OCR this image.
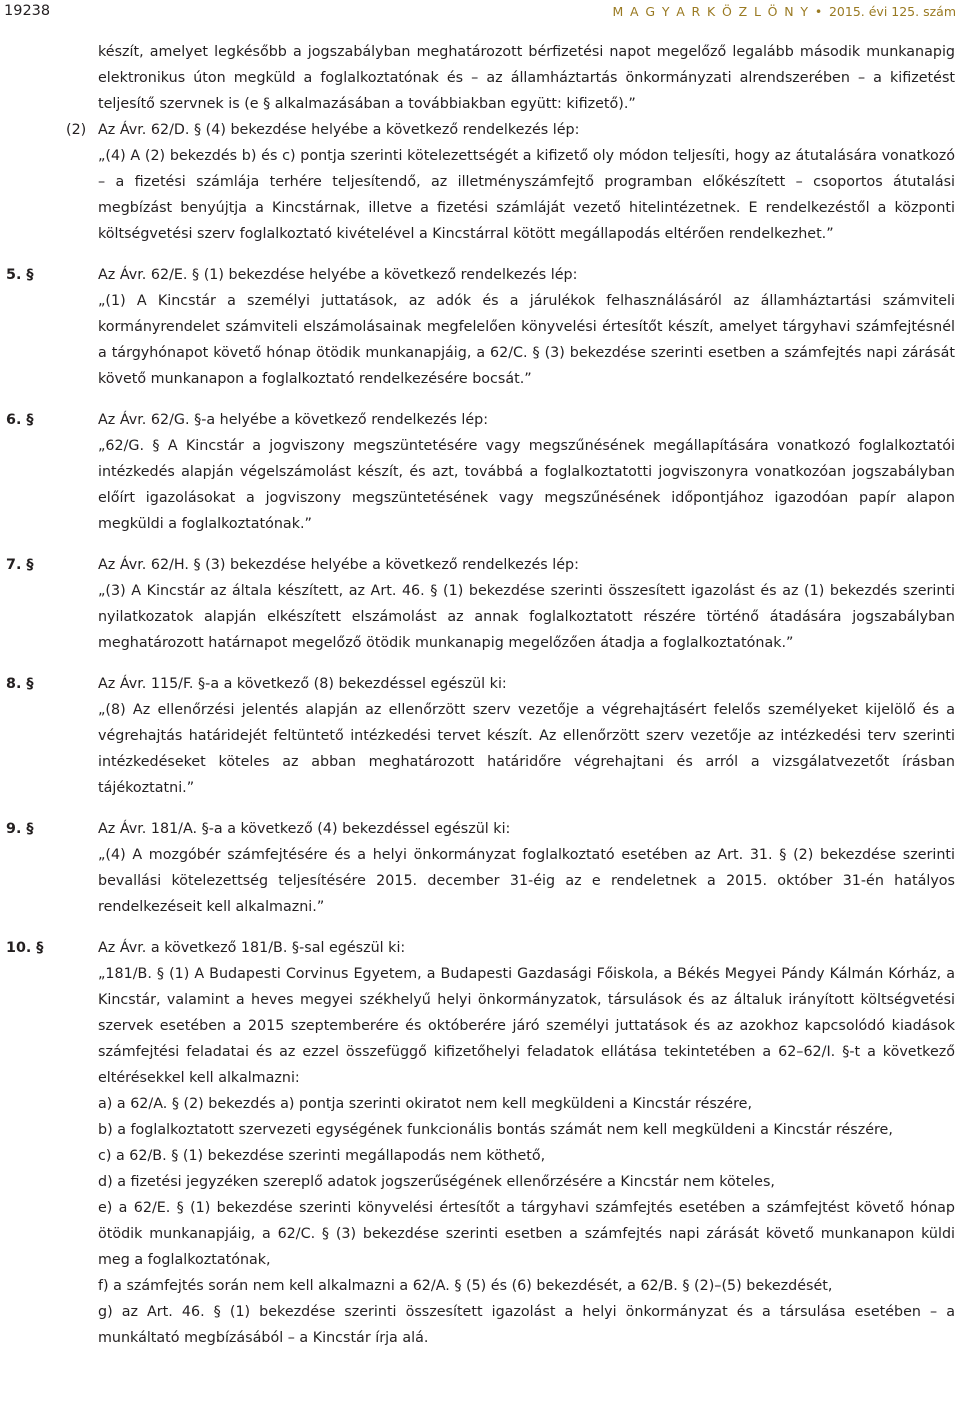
19238	M A G Y A R K Ö Z L Ö N Y • 2015. évi 125. szám
készít, amelyet legkésőbb a jogszabályban meghatározott bérfizetési napot megelőző legalább második munkanapig elektronikus úton megküld a foglalkoztatónak és – az államháztartás önkormányzati alrendszerében – a kifizetést teljesítő szervnek is (e § alkalmazásában a továbbiakban együtt: kifizető).”
(2) Az Ávr. 62/D. § (4) bekezdése helyébe a következő rendelkezés lép:
„(4) A (2) bekezdés b) és c) pontja szerinti kötelezettségét a kifizető oly módon teljesíti, hogy az átutalására vonatkozó – a fizetési számlája terhére teljesítendő, az illetményszámfejtő programban előkészített – csoportos átutalási megbízást benyújtja a Kincstárnak, illetve a fizetési számláját vezető hitelintézetnek. E rendelkezéstől a központi költségvetési szerv foglalkoztató kivételével a Kincstárral kötött megállapodás eltérően rendelkezhet.”
5. §	Az Ávr. 62/E. § (1) bekezdése helyébe a következő rendelkezés lép:
„(1) A Kincstár a személyi juttatások, az adók és a járulékok felhasználásáról az államháztartási számviteli kormányrendelet számviteli elszámolásainak megfelelően könyvelési értesítőt készít, amelyet tárgyhavi számfejtésnél a tárgyhónapot követő hónap ötödik munkanapjáig, a 62/C. § (3) bekezdése szerinti esetben a számfejtés napi zárását követő munkanapon a foglalkoztató rendelkezésére bocsát.”
6. §	Az Ávr. 62/G. §-a helyébe a következő rendelkezés lép:
„62/G. § A Kincstár a jogviszony megszüntetésére vagy megszűnésének megállapítására vonatkozó foglalkoztatói intézkedés alapján végelszámolást készít, és azt, továbbá a foglalkoztatotti jogviszonyra vonatkozóan jogszabályban előírt igazolásokat a jogviszony megszüntetésének vagy megszűnésének időpontjához igazodóan papír alapon megküldi a foglalkoztatónak.”
7. §	Az Ávr. 62/H. § (3) bekezdése helyébe a következő rendelkezés lép:
„(3) A Kincstár az általa készített, az Art. 46. § (1) bekezdése szerinti összesített igazolást és az (1) bekezdés szerinti nyilatkozatok alapján elkészített elszámolást az annak foglalkoztatott részére történő átadására jogszabályban meghatározott határnapot megelőző ötödik munkanapig megelőzően átadja a foglalkoztatónak.”
8. §	Az Ávr. 115/F. §-a a következő (8) bekezdéssel egészül ki:
„(8) Az ellenőrzési jelentés alapján az ellenőrzött szerv vezetője a végrehajtásért felelős személyeket kijelölő és a végrehajtás határidejét feltüntető intézkedési tervet készít. Az ellenőrzött szerv vezetője az intézkedési terv szerinti intézkedéseket köteles az abban meghatározott határidőre végrehajtani és arról a vizsgálatvezetőt írásban tájékoztatni.”
9. §	Az Ávr. 181/A. §-a a következő (4) bekezdéssel egészül ki:
„(4) A mozgóbér számfejtésére és a helyi önkormányzat foglalkoztató esetében az Art. 31. § (2) bekezdése szerinti bevallási kötelezettség teljesítésére 2015. december 31-éig az e rendeletnek a 2015. október 31-én hatályos rendelkezéseit kell alkalmazni.”
10. §	Az Ávr. a következő 181/B. §-sal egészül ki:
„181/B. § (1) A Budapesti Corvinus Egyetem, a Budapesti Gazdasági Főiskola, a Békés Megyei Pándy Kálmán Kórház, a Kincstár, valamint a heves megyei székhelyű helyi önkormányzatok, társulások és az általuk irányított költségvetési szervek esetében a 2015 szeptemberére és októberére járó személyi juttatások és az azokhoz kapcsolódó kiadások számfejtési feladatai és az ezzel összefüggő kifizetőhelyi feladatok ellátása tekintetében a 62–62/I. §-t a következő eltérésekkel kell alkalmazni:
a) a 62/A. § (2) bekezdés a) pontja szerinti okiratot nem kell megküldeni a Kincstár részére,
b) a foglalkoztatott szervezeti egységének funkcionális bontás számát nem kell megküldeni a Kincstár részére,
c) a 62/B. § (1) bekezdése szerinti megállapodás nem köthető,
d) a fizetési jegyzéken szereplő adatok jogszerűségének ellenőrzésére a Kincstár nem köteles,
e) a 62/E. § (1) bekezdése szerinti könyvelési értesítőt a tárgyhavi számfejtés esetében a számfejtést követő hónap ötödik munkanapjáig, a 62/C. § (3) bekezdése szerinti esetben a számfejtés napi zárását követő munkanapon küldi meg a foglalkoztatónak,
f) a számfejtés során nem kell alkalmazni a 62/A. § (5) és (6) bekezdését, a 62/B. § (2)–(5) bekezdését,
g) az Art. 46. § (1) bekezdése szerinti összesített igazolást a helyi önkormányzat és a társulása esetében – a munkáltató megbízásából – a Kincstár írja alá.
